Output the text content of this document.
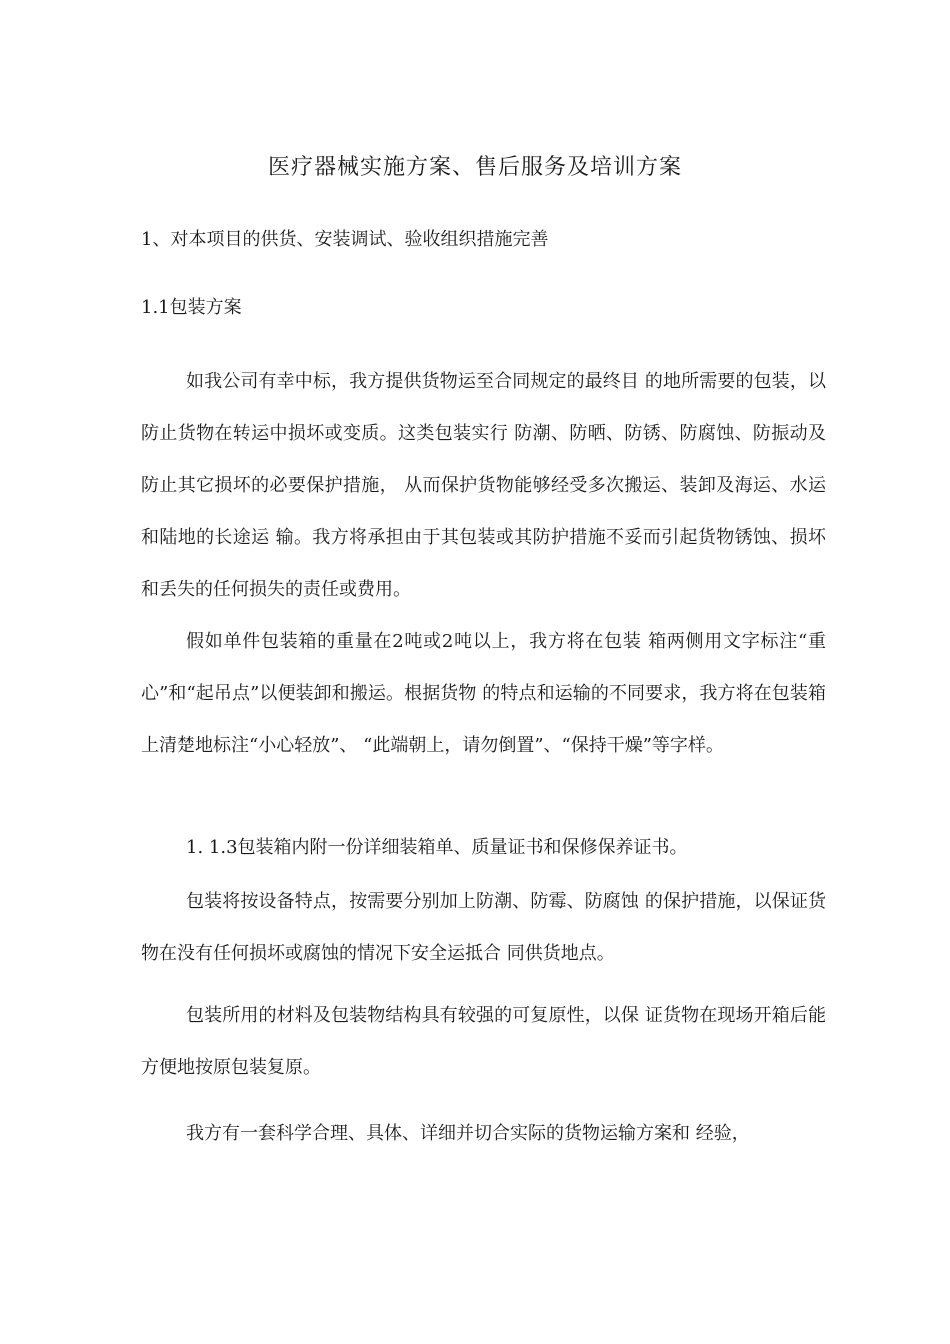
医疗器械实施方案、售后服务及培训方案
1、对本项目的供货、安装调试、验收组织措施完善
1.1包装方案

如我公司有幸中标，我方提供货物运至合同规定的最终目 的地所需要的包装，以防止货物在转运中损坏或变质。这类包装实行 防潮、防晒、防锈、防腐蚀、防振动及防止其它损坏的必要保护措施， 从而保护货物能够经受多次搬运、装卸及海运、水运和陆地的长途运 输。我方将承担由于其包装或其防护措施不妥而引起货物锈蚀、损坏 和丢失的任何损失的责任或费用。

假如单件包装箱的重量在2吨或2吨以上，我方将在包装 箱两侧用文字标注“重心”和“起吊点”以便装卸和搬运。根据货物 的特点和运输的不同要求，我方将在包装箱上清楚地标注“小心轻放”、 “此端朝上，请勿倒置”、“保持干燥”等字样。

1. 1.3包装箱内附一份详细装箱单、质量证书和保修保养证书。

包装将按设备特点，按需要分别加上防潮、防霉、防腐蚀 的保护措施，以保证货物在没有任何损坏或腐蚀的情况下安全运抵合 同供货地点。

包装所用的材料及包装物结构具有较强的可复原性，以保 证货物在现场开箱后能方便地按原包装复原。

我方有一套科学合理、具体、详细并切合实际的货物运输方案和 经验，
